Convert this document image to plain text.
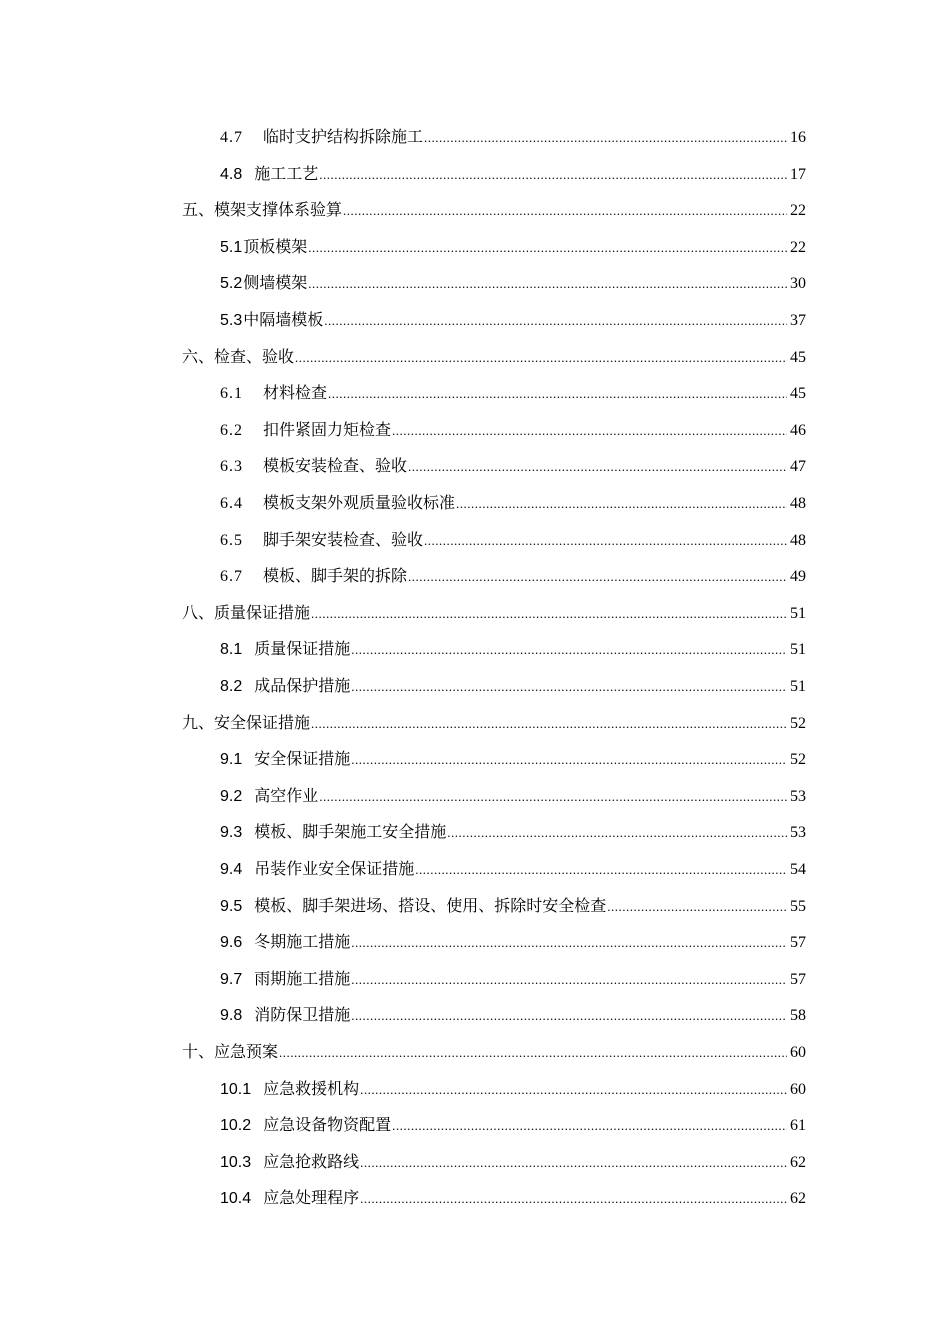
4.7 临时支护结构拆除施工 .....	16
4.8 施工工艺 .....	17
五、模架支撑体系验算 .....	22
5.1 顶板模架 .....	22
5.2 侧墙模架 .....	30
5.3 中隔墙模板 .....	37
六、检查、验收 .....	45
6.1 材料检查 .....	45
6.2 扣件紧固力矩检查 .....	46
6.3 模板安装检查、验收 .....	47
6.4 模板支架外观质量验收标准 .....	48
6.5 脚手架安装检查、验收 .....	48
6.7 模板、脚手架的拆除 .....	49
八、质量保证措施 .....	51
8.1 质量保证措施 .....	51
8.2 成品保护措施 .....	51
九、安全保证措施 .....	52
9.1 安全保证措施 .....	52
9.2 高空作业 .....	53
9.3 模板、脚手架施工安全措施 .....	53
9.4 吊装作业安全保证措施 .....	54
9.5 模板、脚手架进场、搭设、使用、拆除时安全检查 .....	55
9.6 冬期施工措施 .....	57
9.7 雨期施工措施 .....	57
9.8 消防保卫措施 .....	58
十、应急预案 .....	60
10.1 应急救援机构 .....	60
10.2 应急设备物资配置 .....	61
10.3 应急抢救路线 .....	62
10.4 应急处理程序 .....	62
